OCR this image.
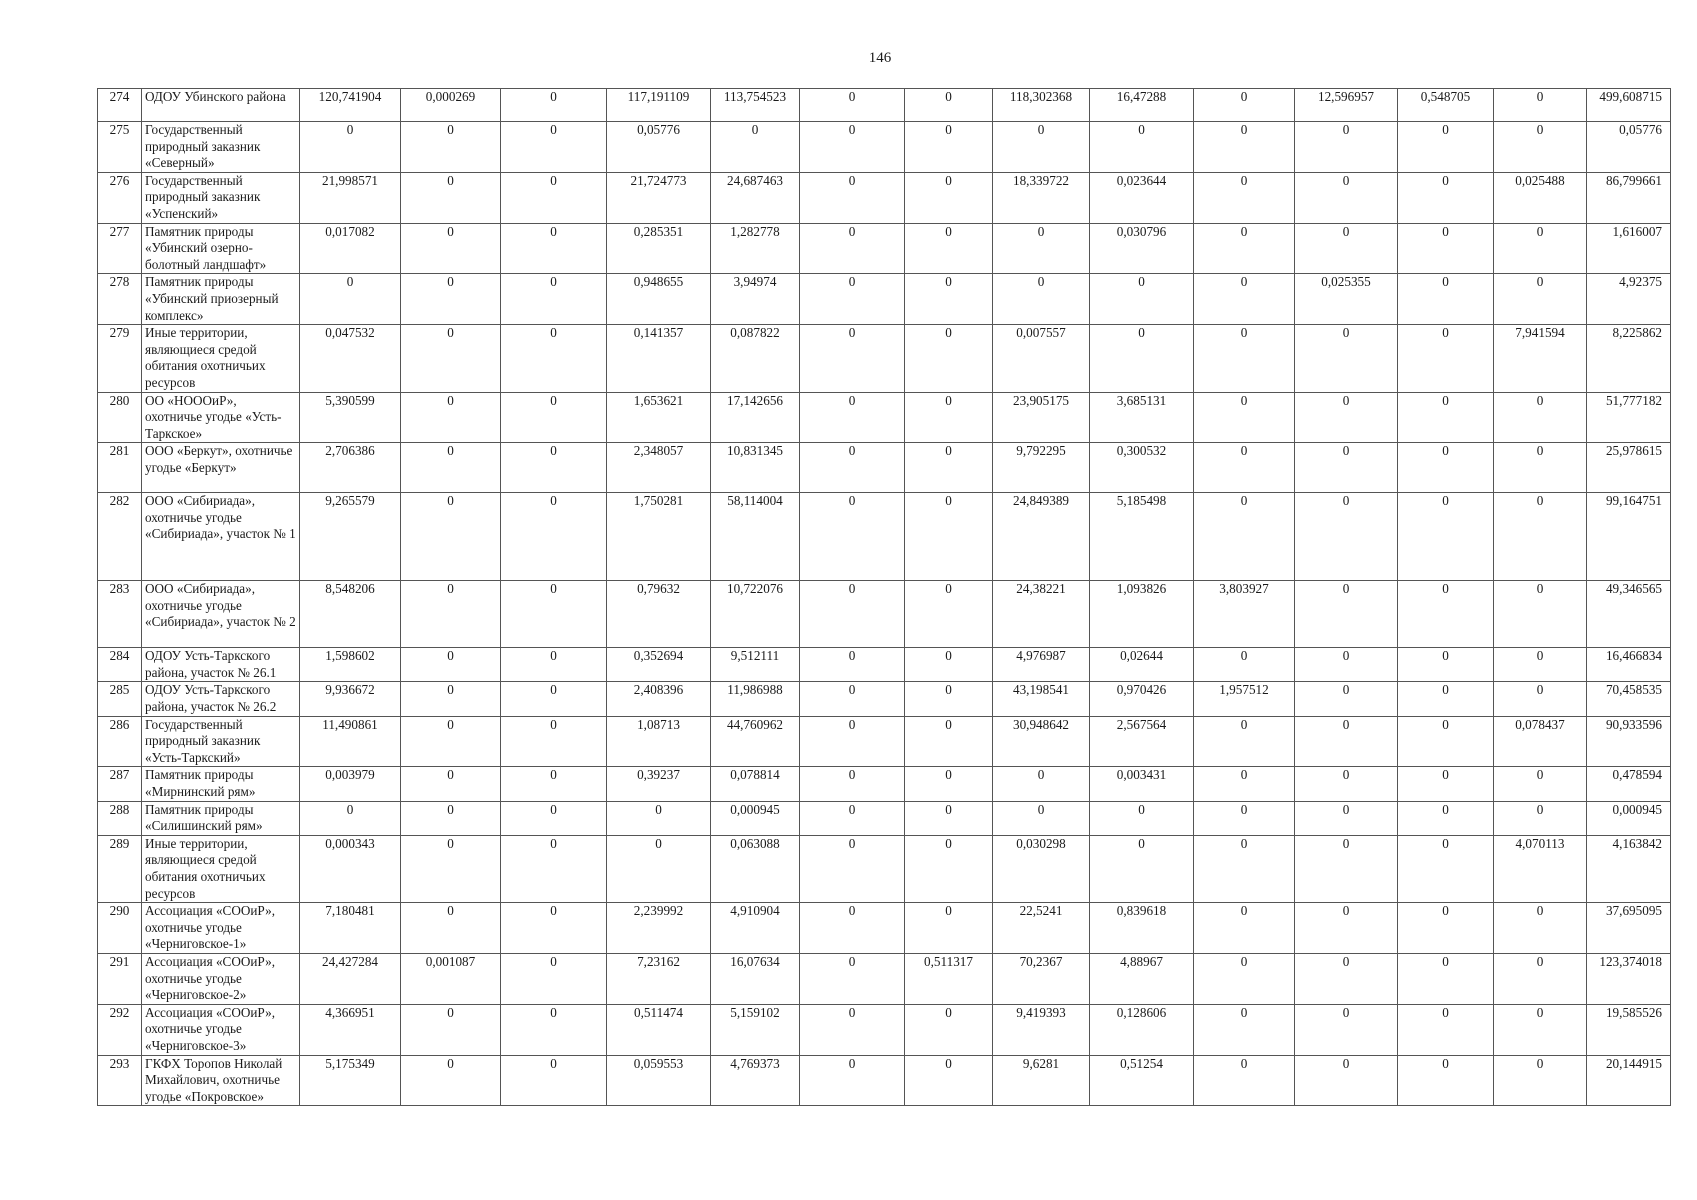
146
274	ОДОУ Убинского района	120,741904	0,000269	0	117,191109	113,754523	0	0	118,302368	16,47288	0	12,596957	0,548705	0	499,608715
275	Государственный природный заказник «Северный»	0	0	0	0,05776	0	0	0	0	0	0	0	0	0	0,05776
276	Государственный природный заказник «Успенский»	21,998571	0	0	21,724773	24,687463	0	0	18,339722	0,023644	0	0	0	0,025488	86,799661
277	Памятник природы «Убинский озерно-болотный ландшафт»	0,017082	0	0	0,285351	1,282778	0	0	0	0,030796	0	0	0	0	1,616007
278	Памятник природы «Убинский приозерный комплекс»	0	0	0	0,948655	3,94974	0	0	0	0	0	0,025355	0	0	4,92375
279	Иные территории, являющиеся средой обитания охотничьих ресурсов	0,047532	0	0	0,141357	0,087822	0	0	0,007557	0	0	0	0	7,941594	8,225862
280	ОО «НОООиР», охотничье угодье «Усть-Таркское»	5,390599	0	0	1,653621	17,142656	0	0	23,905175	3,685131	0	0	0	0	51,777182
281	ООО «Беркут», охотничье угодье «Беркут»	2,706386	0	0	2,348057	10,831345	0	0	9,792295	0,300532	0	0	0	0	25,978615
282	ООО «Сибириада», охотничье угодье «Сибириада», участок № 1	9,265579	0	0	1,750281	58,114004	0	0	24,849389	5,185498	0	0	0	0	99,164751
283	ООО «Сибириада», охотничье угодье «Сибириада», участок № 2	8,548206	0	0	0,79632	10,722076	0	0	24,38221	1,093826	3,803927	0	0	0	49,346565
284	ОДОУ Усть-Таркского района, участок № 26.1	1,598602	0	0	0,352694	9,512111	0	0	4,976987	0,02644	0	0	0	0	16,466834
285	ОДОУ Усть-Таркского района, участок № 26.2	9,936672	0	0	2,408396	11,986988	0	0	43,198541	0,970426	1,957512	0	0	0	70,458535
286	Государственный природный заказник «Усть-Таркский»	11,490861	0	0	1,08713	44,760962	0	0	30,948642	2,567564	0	0	0	0,078437	90,933596
287	Памятник природы «Мирнинский рям»	0,003979	0	0	0,39237	0,078814	0	0	0	0,003431	0	0	0	0	0,478594
288	Памятник природы «Силишинский рям»	0	0	0	0	0,000945	0	0	0	0	0	0	0	0	0,000945
289	Иные территории, являющиеся средой обитания охотничьих ресурсов	0,000343	0	0	0	0,063088	0	0	0,030298	0	0	0	0	4,070113	4,163842
290	Ассоциация «СООиР», охотничье угодье «Черниговское-1»	7,180481	0	0	2,239992	4,910904	0	0	22,5241	0,839618	0	0	0	0	37,695095
291	Ассоциация «СООиР», охотничье угодье «Черниговское-2»	24,427284	0,001087	0	7,23162	16,07634	0	0,511317	70,2367	4,88967	0	0	0	0	123,374018
292	Ассоциация «СООиР», охотничье угодье «Черниговское-3»	4,366951	0	0	0,511474	5,159102	0	0	9,419393	0,128606	0	0	0	0	19,585526
293	ГКФХ Торопов Николай Михайлович, охотничье угодье «Покровское»	5,175349	0	0	0,059553	4,769373	0	0	9,6281	0,51254	0	0	0	0	20,144915
